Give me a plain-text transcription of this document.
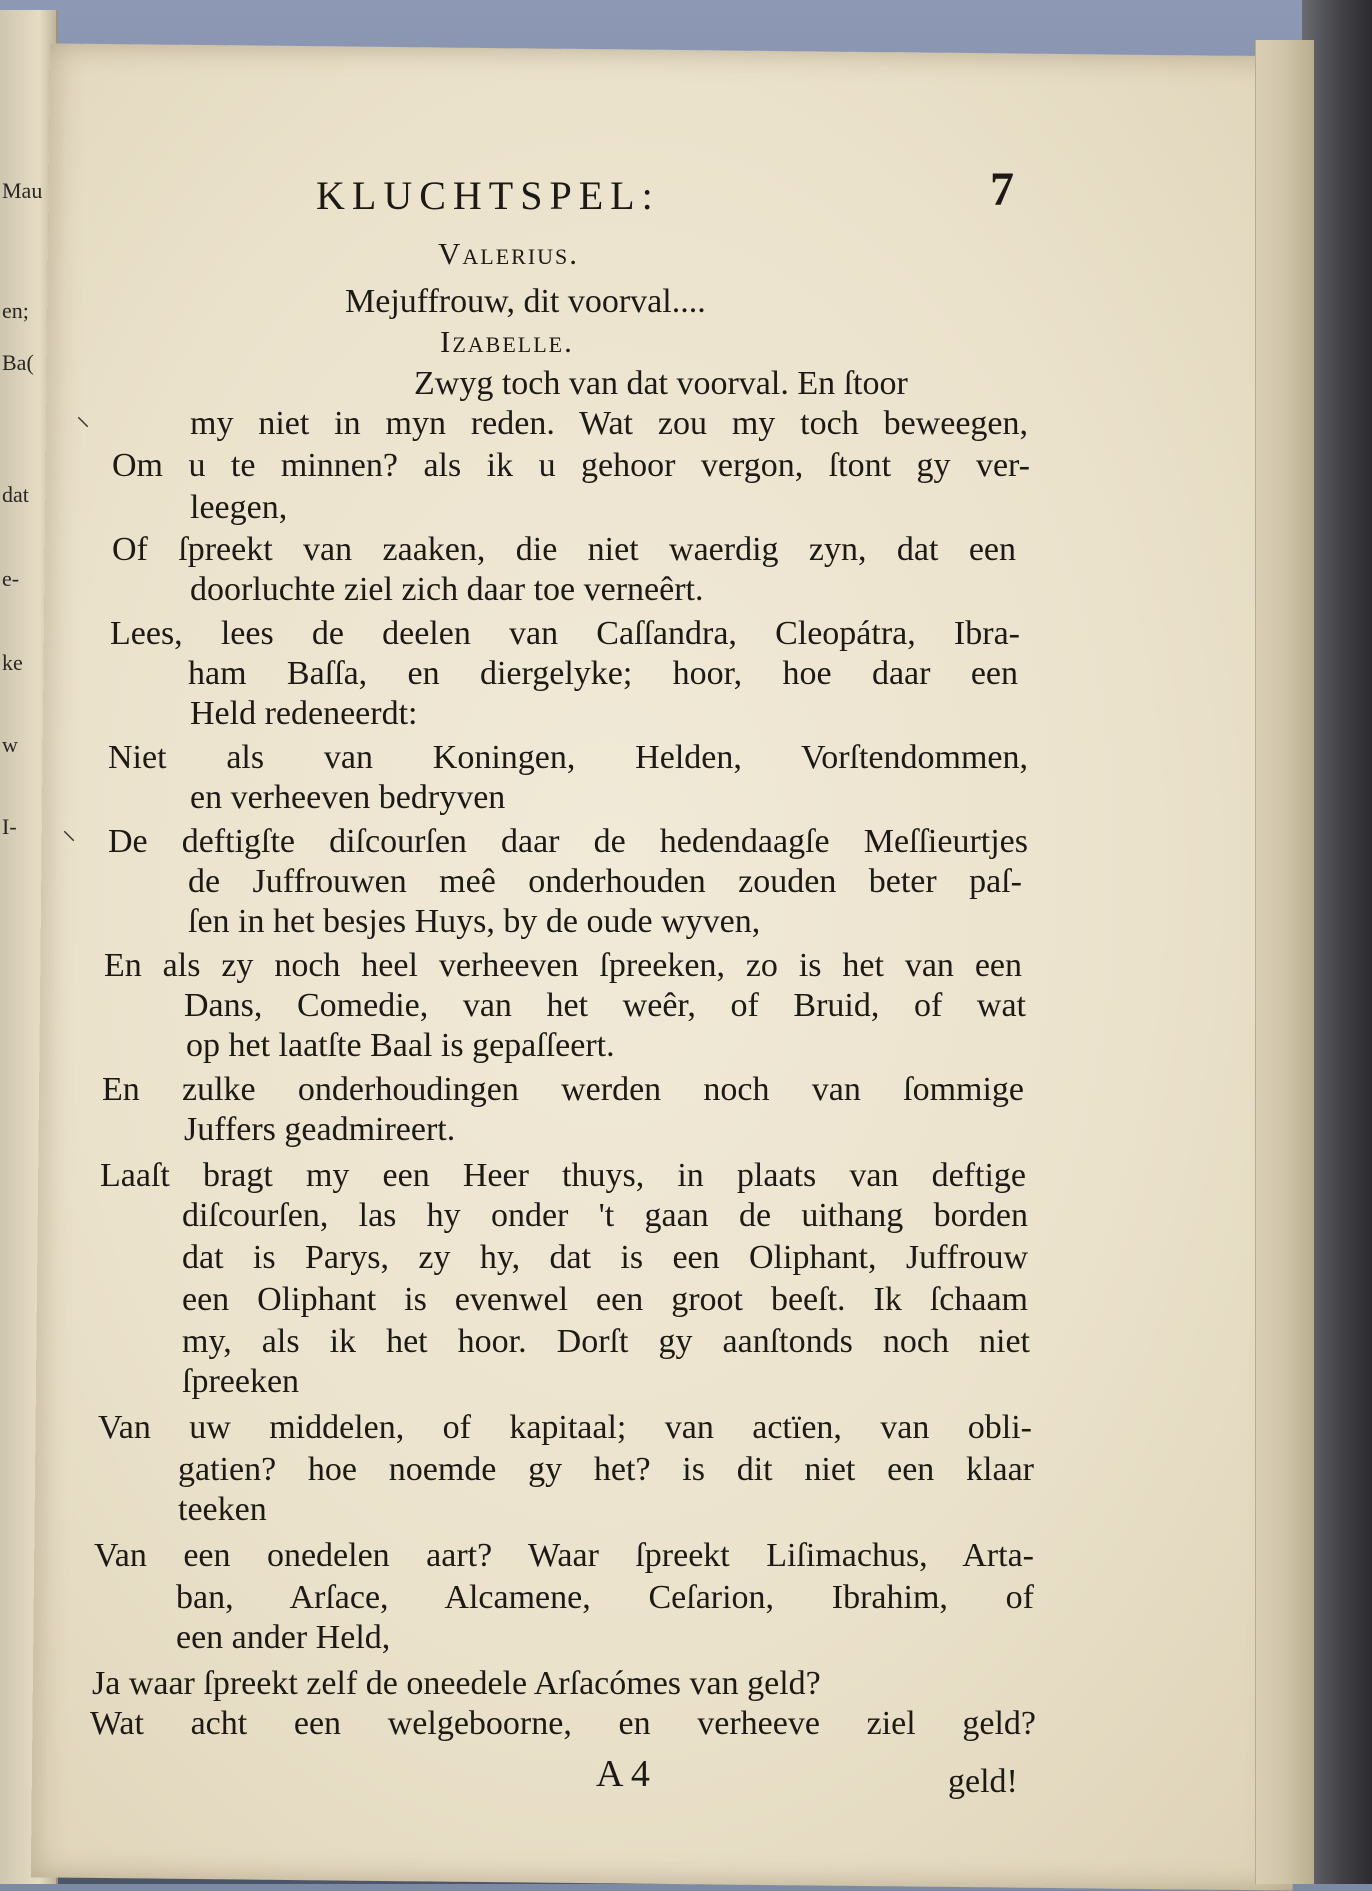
Mau
en;
Ba(
dat
e-
ke
w
I-
KLUCHTSPEL:	7
Valerius.
Mejuffrouw, dit voorval....
Izabelle.
Zwyg toch van dat voorval. En ſtoor
⸜	my niet in myn reden. Wat zou my toch beweegen,
Om u te minnen? als ik u gehoor vergon, ſtont gy ver-
leegen,
Of ſpreekt van zaaken, die niet waerdig zyn, dat een
doorluchte ziel zich daar toe verneêrt.
Lees, lees de deelen van Caſſandra, Cleopátra, Ibra-
ham Baſſa, en diergelyke; hoor, hoe daar een
Held redeneerdt:
Niet als van Koningen, Helden, Vorſtendommen,
en verheeven bedryven
⸜ De deftigſte diſcourſen daar de hedendaagſe Meſſieurtjes
de Juffrouwen meê onderhouden zouden beter paſ-
ſen in het besjes Huys, by de oude wyven,
En als zy noch heel verheeven ſpreeken, zo is het van een
Dans, Comedie, van het weêr, of Bruid, of wat
op het laatſte Baal is gepaſſeert.
En zulke onderhoudingen werden noch van ſommige
Juffers geadmireert.
Laaſt bragt my een Heer thuys, in plaats van deftige
diſcourſen, las hy onder 't gaan de uithang borden
dat is Parys, zy hy, dat is een Oliphant, Juffrouw
een Oliphant is evenwel een groot beeſt. Ik ſchaam
my, als ik het hoor. Dorſt gy aanſtonds noch niet
ſpreeken
Van uw middelen, of kapitaal; van actïen, van obli-
gatien? hoe noemde gy het? is dit niet een klaar
teeken
Van een onedelen aart? Waar ſpreekt Liſimachus, Arta-
ban, Arſace, Alcamene, Ceſarion, Ibrahim, of
een ander Held,
Ja waar ſpreekt zelf de oneedele Arſacómes van geld?
Wat acht een welgeboorne, en verheeve ziel geld?
A 4	geld!
